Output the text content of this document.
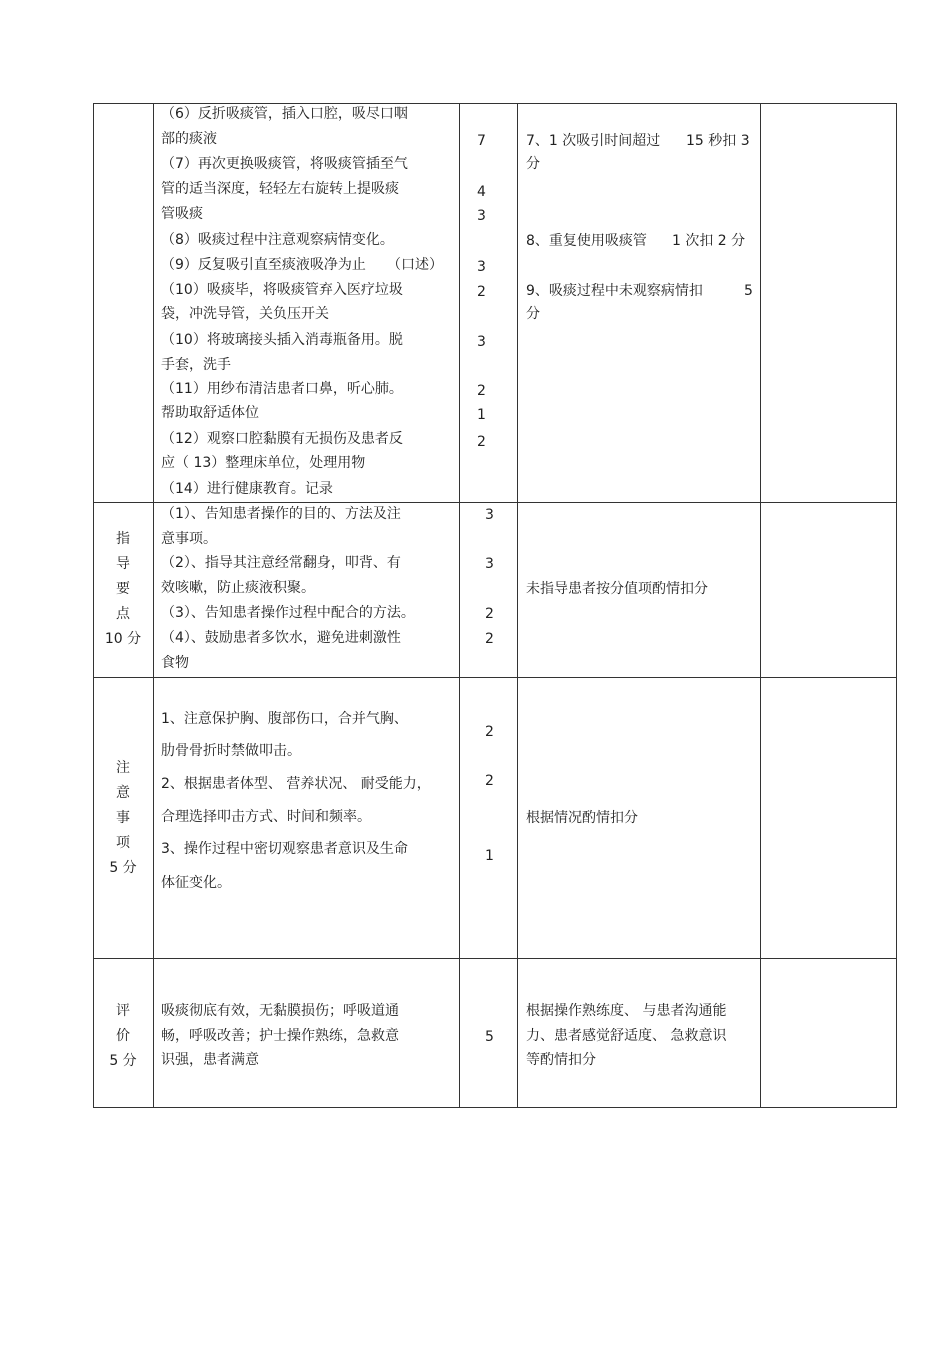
（6）反折吸痰管，插入口腔，吸尽口咽
部的痰液
（7）再次更换吸痰管，将吸痰管插至气
管的适当深度，轻轻左右旋转上提吸痰
管吸痰
（8）吸痰过程中注意观察病情变化。
（9）反复吸引直至痰液吸净为止 （口述）
（10）吸痰毕，将吸痰管弃入医疗垃圾
袋，冲洗导管，关负压开关
（10）将玻璃接头插入消毒瓶备用。脱
手套，洗手
（11）用纱布清洁患者口鼻，听心肺。
帮助取舒适体位
（12）观察口腔黏膜有无损伤及患者反
应（ 13）整理床单位，处理用物
（14）进行健康教育。记录
7
4
3
3
2
3
2
1
2
7、1 次吸引时间超过 15 秒扣 3
分
8、重复使用吸痰管 1 次扣 2 分
9、吸痰过程中未观察病情扣	5
分
指
导
要
点
10 分
（1）、告知患者操作的目的、方法及注
意事项。
（2）、指导其注意经常翻身，叩背、有
效咳嗽，防止痰液积聚。
（3）、告知患者操作过程中配合的方法。
（4）、鼓励患者多饮水，避免进刺激性
食物
3
3
2
2
未指导患者按分值项酌情扣分
注
意
事
项
5 分
1、注意保护胸、腹部伤口，合并气胸、
肋骨骨折时禁做叩击。
2、根据患者体型、 营养状况、 耐受能力，
合理选择叩击方式、时间和频率。
3、操作过程中密切观察患者意识及生命
体征变化。
2
2
1
根据情况酌情扣分
评
价
5 分
吸痰彻底有效，无黏膜损伤；呼吸道通
畅，呼吸改善；护士操作熟练，急救意
识强，患者满意
5
根据操作熟练度、 与患者沟通能
力、患者感觉舒适度、 急救意识
等酌情扣分
